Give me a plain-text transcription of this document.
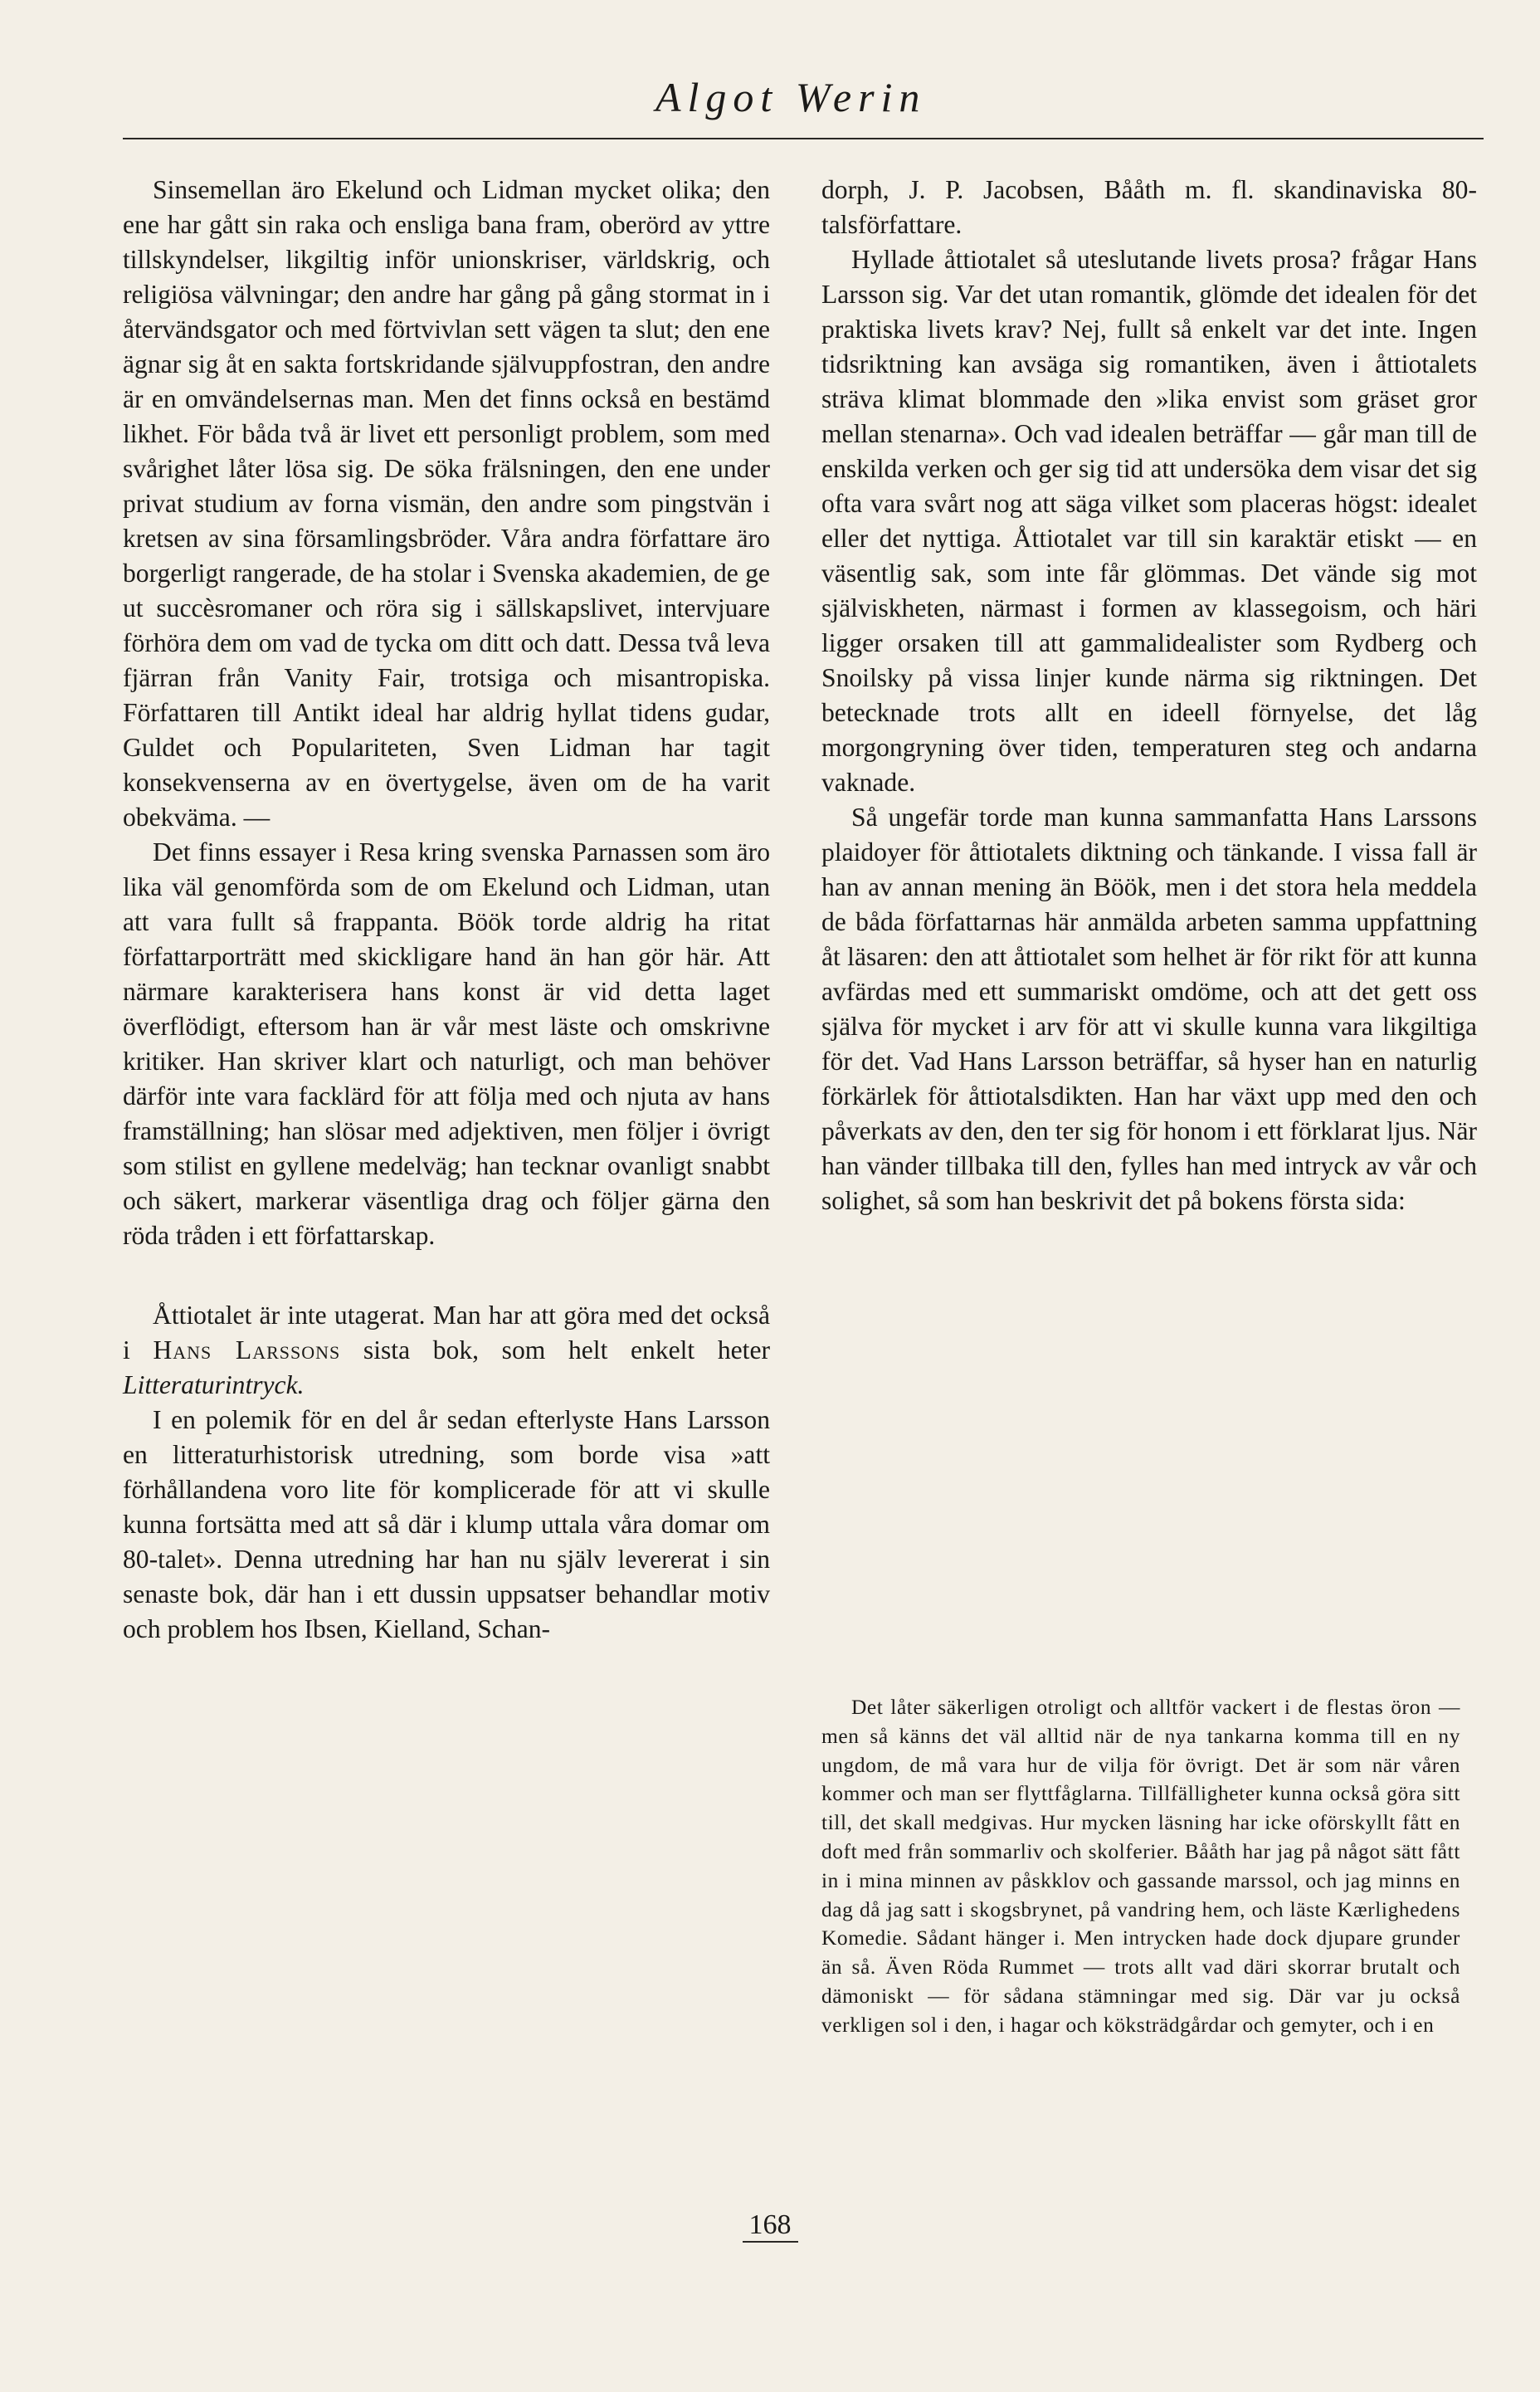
Algot Werin

Sinsemellan äro Ekelund och Lidman mycket olika; den ene har gått sin raka och ensliga bana fram, oberörd av yttre tillskyndelser, likgiltig inför unionskriser, världskrig, och religiösa välvningar; den andre har gång på gång stormat in i återvändsgator och med förtvivlan sett vägen ta slut; den ene ägnar sig åt en sakta fortskridande självuppfostran, den andre är en omvändelsernas man. Men det finns också en bestämd likhet. För båda två är livet ett personligt problem, som med svårighet låter lösa sig. De söka frälsningen, den ene under privat studium av forna vismän, den andre som pingstvän i kretsen av sina församlingsbröder. Våra andra författare äro borgerligt rangerade, de ha stolar i Svenska akademien, de ge ut succèsromaner och röra sig i sällskapslivet, intervjuare förhöra dem om vad de tycka om ditt och datt. Dessa två leva fjärran från Vanity Fair, trotsiga och misantropiska. Författaren till Antikt ideal har aldrig hyllat tidens gudar, Guldet och Populariteten, Sven Lidman har tagit konsekvenserna av en övertygelse, även om de ha varit obekväma. —

Det finns essayer i Resa kring svenska Parnassen som äro lika väl genomförda som de om Ekelund och Lidman, utan att vara fullt så frappanta. Böök torde aldrig ha ritat författarporträtt med skickligare hand än han gör här. Att närmare karakterisera hans konst är vid detta laget överflödigt, eftersom han är vår mest läste och omskrivne kritiker. Han skriver klart och naturligt, och man behöver därför inte vara facklärd för att följa med och njuta av hans framställning; han slösar med adjektiven, men följer i övrigt som stilist en gyllene medelväg; han tecknar ovanligt snabbt och säkert, markerar väsentliga drag och följer gärna den röda tråden i ett författarskap.

Åttiotalet är inte utagerat. Man har att göra med det också i Hans Larssons sista bok, som helt enkelt heter Litteraturintryck.

I en polemik för en del år sedan efterlyste Hans Larsson en litteraturhistorisk utredning, som borde visa »att förhållandena voro lite för komplicerade för att vi skulle kunna fortsätta med att så där i klump uttala våra domar om 80-talet». Denna utredning har han nu själv levererat i sin senaste bok, där han i ett dussin uppsatser behandlar motiv och problem hos Ibsen, Kielland, Schan-

dorph, J. P. Jacobsen, Bååth m. fl. skandinaviska 80-talsförfattare.

Hyllade åttiotalet så uteslutande livets prosa? frågar Hans Larsson sig. Var det utan romantik, glömde det idealen för det praktiska livets krav? Nej, fullt så enkelt var det inte. Ingen tidsriktning kan avsäga sig romantiken, även i åttiotalets sträva klimat blommade den »lika envist som gräset gror mellan stenarna». Och vad idealen beträffar — går man till de enskilda verken och ger sig tid att undersöka dem visar det sig ofta vara svårt nog att säga vilket som placeras högst: idealet eller det nyttiga. Åttiotalet var till sin karaktär etiskt — en väsentlig sak, som inte får glömmas. Det vände sig mot själviskheten, närmast i formen av klassegoism, och häri ligger orsaken till att gammalidealister som Rydberg och Snoilsky på vissa linjer kunde närma sig riktningen. Det betecknade trots allt en ideell förnyelse, det låg morgongryning över tiden, temperaturen steg och andarna vaknade.

Så ungefär torde man kunna sammanfatta Hans Larssons plaidoyer för åttiotalets diktning och tänkande. I vissa fall är han av annan mening än Böök, men i det stora hela meddela de båda författarnas här anmälda arbeten samma uppfattning åt läsaren: den att åttiotalet som helhet är för rikt för att kunna avfärdas med ett summariskt omdöme, och att det gett oss själva för mycket i arv för att vi skulle kunna vara likgiltiga för det. Vad Hans Larsson beträffar, så hyser han en naturlig förkärlek för åttiotalsdikten. Han har växt upp med den och påverkats av den, den ter sig för honom i ett förklarat ljus. När han vänder tillbaka till den, fylles han med intryck av vår och solighet, så som han beskrivit det på bokens första sida:

Det låter säkerligen otroligt och alltför vackert i de flestas öron — men så känns det väl alltid när de nya tankarna komma till en ny ungdom, de må vara hur de vilja för övrigt. Det är som när våren kommer och man ser flyttfåglarna. Tillfälligheter kunna också göra sitt till, det skall medgivas. Hur mycken läsning har icke oförskyllt fått en doft med från sommarliv och skolferier. Bååth har jag på något sätt fått in i mina minnen av påskklov och gassande marssol, och jag minns en dag då jag satt i skogsbrynet, på vandring hem, och läste Kærlighedens Komedie. Sådant hänger i. Men intrycken hade dock djupare grunder än så. Även Röda Rummet — trots allt vad däri skorrar brutalt och dämoniskt — för sådana stämningar med sig. Där var ju också verkligen sol i den, i hagar och köksträdgårdar och gemyter, och i en

168
